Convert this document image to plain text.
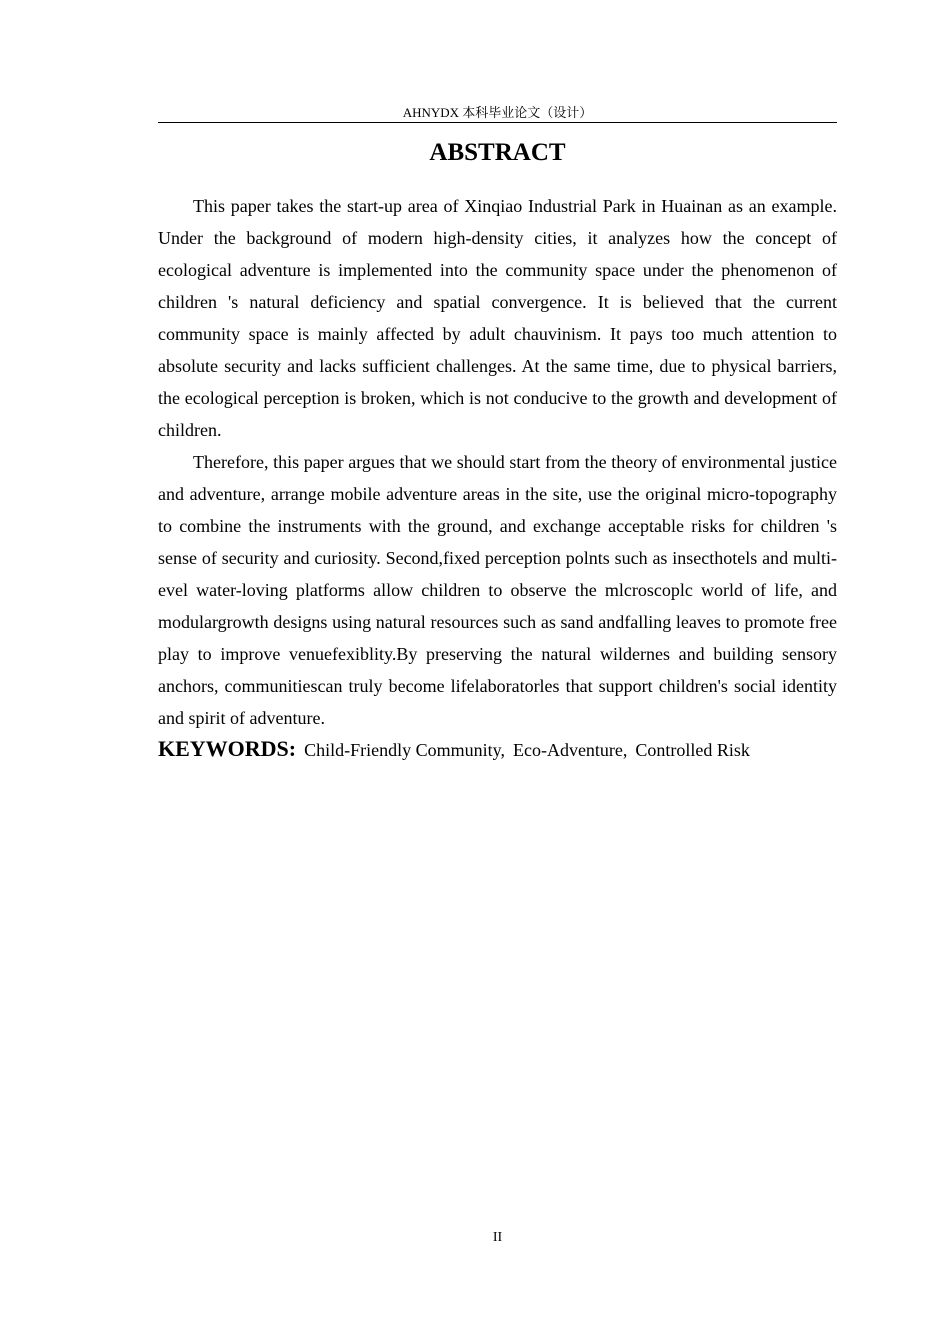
AHNYDX 本科毕业论文（设计）
ABSTRACT

This paper takes the start-up area of Xinqiao Industrial Park in Huainan as an example. Under the background of modern high-density cities, it analyzes how the concept of ecological adventure is implemented into the community space under the phenomenon of children 's natural deficiency and spatial convergence. It is believed that the current community space is mainly affected by adult chauvinism. It pays too much attention to absolute security and lacks sufficient challenges. At the same time, due to physical barriers, the ecological perception is broken, which is not conducive to the growth and development of children.

Therefore, this paper argues that we should start from the theory of environmental justice and adventure, arrange mobile adventure areas in the site, use the original micro-topography to combine the instruments with the ground, and exchange acceptable risks for children 's sense of security and curiosity. Second,fixed perception polnts such as insecthotels and multi-evel water-loving platforms allow children to observe the mlcroscoplc world of life, and modulargrowth designs using natural resources such as sand andfalling leaves to promote free play to improve venuefexiblity.By preserving the natural wildernes and building sensory anchors, communitiescan truly become lifelaboratorles that support children's social identity and spirit of adventure.

KEYWORDS: Child-Friendly Community, Eco-Adventure, Controlled Risk
II
